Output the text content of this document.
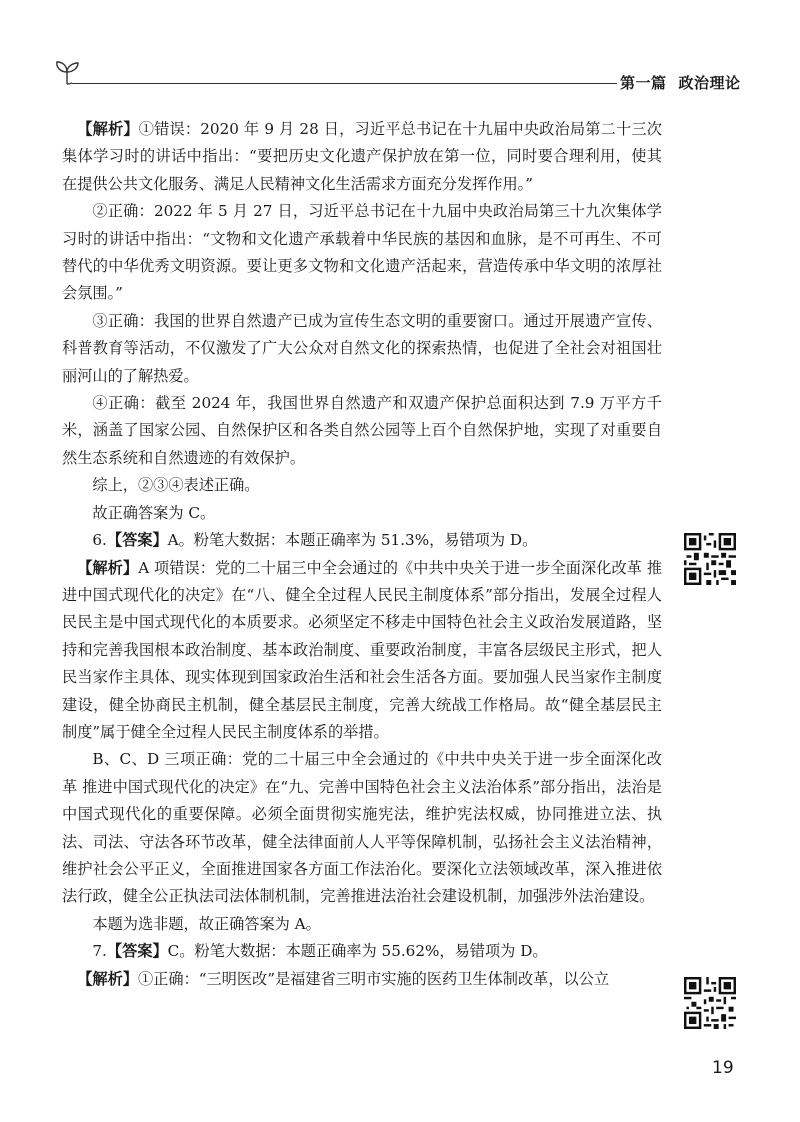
第一篇 政治理论

【解析】①错误：2020 年 9 月 28 日，习近平总书记在十九届中央政治局第二十三次集体学习时的讲话中指出：“要把历史文化遗产保护放在第一位，同时要合理利用，使其在提供公共文化服务、满足人民精神文化生活需求方面充分发挥作用。”

②正确：2022 年 5 月 27 日，习近平总书记在十九届中央政治局第三十九次集体学习时的讲话中指出：“文物和文化遗产承载着中华民族的基因和血脉，是不可再生、不可替代的中华优秀文明资源。要让更多文物和文化遗产活起来，营造传承中华文明的浓厚社会氛围。”

③正确：我国的世界自然遗产已成为宣传生态文明的重要窗口。通过开展遗产宣传、科普教育等活动，不仅激发了广大公众对自然文化的探索热情，也促进了全社会对祖国壮丽河山的了解热爱。

④正确：截至 2024 年，我国世界自然遗产和双遗产保护总面积达到 7.9 万平方千米，涵盖了国家公园、自然保护区和各类自然公园等上百个自然保护地，实现了对重要自然生态系统和自然遗迹的有效保护。

综上，②③④表述正确。

故正确答案为 C。

6.【答案】A。粉笔大数据：本题正确率为 51.3%，易错项为 D。

【解析】A 项错误：党的二十届三中全会通过的《中共中央关于进一步全面深化改革 推进中国式现代化的决定》在“八、健全全过程人民民主制度体系”部分指出，发展全过程人民民主是中国式现代化的本质要求。必须坚定不移走中国特色社会主义政治发展道路，坚持和完善我国根本政治制度、基本政治制度、重要政治制度，丰富各层级民主形式，把人民当家作主具体、现实体现到国家政治生活和社会生活各方面。要加强人民当家作主制度建设，健全协商民主机制，健全基层民主制度，完善大统战工作格局。故“健全基层民主制度”属于健全全过程人民民主制度体系的举措。

B、C、D 三项正确：党的二十届三中全会通过的《中共中央关于进一步全面深化改革 推进中国式现代化的决定》在“九、完善中国特色社会主义法治体系”部分指出，法治是中国式现代化的重要保障。必须全面贯彻实施宪法，维护宪法权威，协同推进立法、执法、司法、守法各环节改革，健全法律面前人人平等保障机制，弘扬社会主义法治精神，维护社会公平正义，全面推进国家各方面工作法治化。要深化立法领域改革，深入推进依法行政，健全公正执法司法体制机制，完善推进法治社会建设机制，加强涉外法治建设。

本题为选非题，故正确答案为 A。

7.【答案】C。粉笔大数据：本题正确率为 55.62%，易错项为 D。

【解析】①正确：“三明医改”是福建省三明市实施的医药卫生体制改革，以公立

19
